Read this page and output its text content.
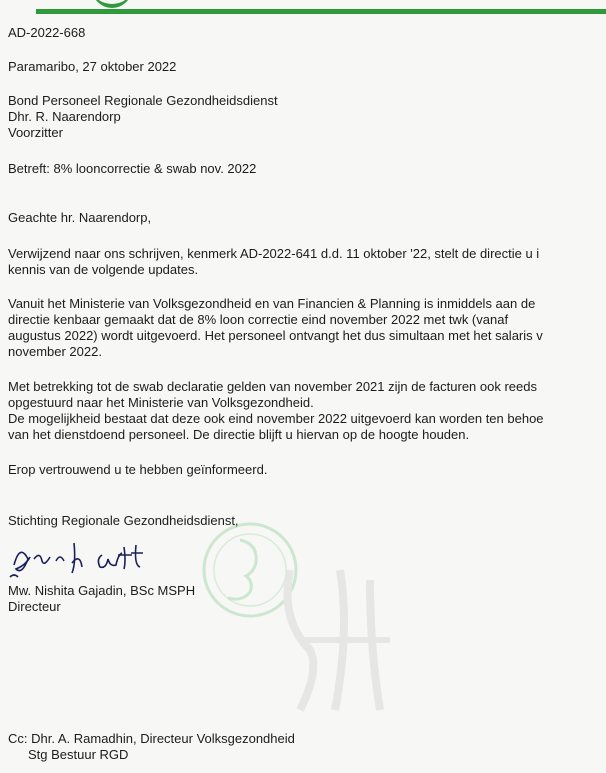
AD-2022-668
Paramaribo, 27 oktober 2022
Bond Personeel Regionale Gezondheidsdienst
Dhr. R. Naarendorp
Voorzitter
Betreft: 8% looncorrectie & swab nov. 2022
Geachte hr. Naarendorp,
Verwijzend naar ons schrijven, kenmerk AD-2022-641 d.d. 11 oktober '22, stelt de directie u i
kennis van de volgende updates.
Vanuit het Ministerie van Volksgezondheid en van Financien & Planning is inmiddels aan de
directie kenbaar gemaakt dat de 8% loon correctie eind november 2022 met twk (vanaf
augustus 2022) wordt uitgevoerd. Het personeel ontvangt het dus simultaan met het salaris v
november 2022.
Met betrekking tot de swab declaratie gelden van november 2021 zijn de facturen ook reeds
opgestuurd naar het Ministerie van Volksgezondheid.
De mogelijkheid bestaat dat deze ook eind november 2022 uitgevoerd kan worden ten behoe
van het dienstdoend personeel. De directie blijft u hiervan op de hoogte houden.
Erop vertrouwend u te hebben geïnformeerd.
Stichting Regionale Gezondheidsdienst,
Mw. Nishita Gajadin, BSc MSPH
Directeur
Cc: Dhr. A. Ramadhin, Directeur Volksgezondheid
Stg Bestuur RGD
